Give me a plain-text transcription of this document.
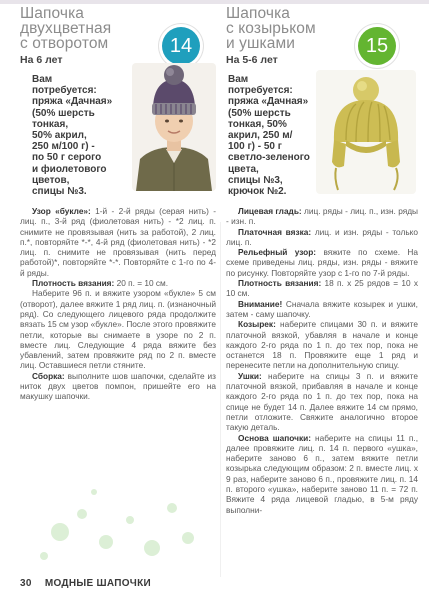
Шапочка
двухцветная
с отворотом
На 6 лет
14
Вам
потребуется:
пряжа «Дачная»
(50% шерсть
тонкая,
50% акрил,
250 м/100 г) -
по 50 г серого
и фиолетового
цветов,
спицы №3.

Узор «букле»: 1-й - 2-й ряды (серая нить) - лиц. п., 3-й ряд (фиолетовая нить) - *2 лиц. п. снимите не провязывая (нить за работой), 2 лиц. п.*, повторяйте *-*, 4-й ряд (фиолетовая нить) - *2 лиц. п. снимите не провязывая (нить перед работой)*, повторяйте *-*. Повторяйте с 1-го по 4-й ряды.

Плотность вязания: 20 п. = 10 см.

Наберите 96 п. и вяжите узором «букле» 5 см (отворот), далее вяжите 1 ряд лиц. п. (изнаночный ряд). Со следующего лицевого ряда продолжите вязать 15 см узор «букле». После этого провяжите петли, которые вы снимаете в узоре по 2 п. вместе лиц. Следующие 4 ряда вяжите без убавлений, затем провяжите ряд по 2 п. вместе лиц. Оставшиеся петли стяните.

Сборка: выполните шов шапочки, сделайте из ниток двух цветов помпон, пришейте его на макушку шапочки.

Шапочка
с козырьком
и ушками
На 5-6 лет
15
Вам
потребуется:
пряжа «Дачная»
(50% шерсть
тонкая, 50%
акрил, 250 м/
100 г) - 50 г
светло-зеленого
цвета,
спицы №3,
крючок №2.

Лицевая гладь: лиц. ряды - лиц. п., изн. ряды - изн. п.

Платочная вязка: лиц. и изн. ряды - только лиц. п.

Рельефный узор: вяжите по схеме. На схеме приведены лиц. ряды, изн. ряды - вяжите по рисунку. Повторяйте узор с 1-го по 7-й ряды.

Плотность вязания: 18 п. х 25 рядов = 10 х 10 см.

Внимание! Сначала вяжите козырек и ушки, затем - саму шапочку.

Козырек: наберите спицами 30 п. и вяжите платочной вязкой, убавляя в начале и конце каждого 2-го ряда по 1 п. до тех пор, пока не останется 18 п. Провяжите еще 1 ряд и перенесите петли на дополнительную спицу.

Ушки: наберите на спицы 3 п. и вяжите платочной вязкой, прибавляя в начале и конце каждого 2-го ряда по 1 п. до тех пор, пока на спице не будет 14 п. Далее вяжите 14 см прямо, петли отложите. Свяжите аналогично второе такую деталь.

Основа шапочки: наберите на спицы 11 п., далее провяжите лиц. п. 14 п. первого «ушка», наберите заново 6 п., затем вяжите петли козырька следующим образом: 2 п. вместе лиц. х 9 раз, наберите заново 6 п., провяжите лиц. п. 14 п. второго «ушка», наберите заново 11 п. = 72 п. Вяжите 4 ряда лицевой гладью, в 5-м ряду выполни-

30 МОДНЫЕ ШАПОЧКИ
